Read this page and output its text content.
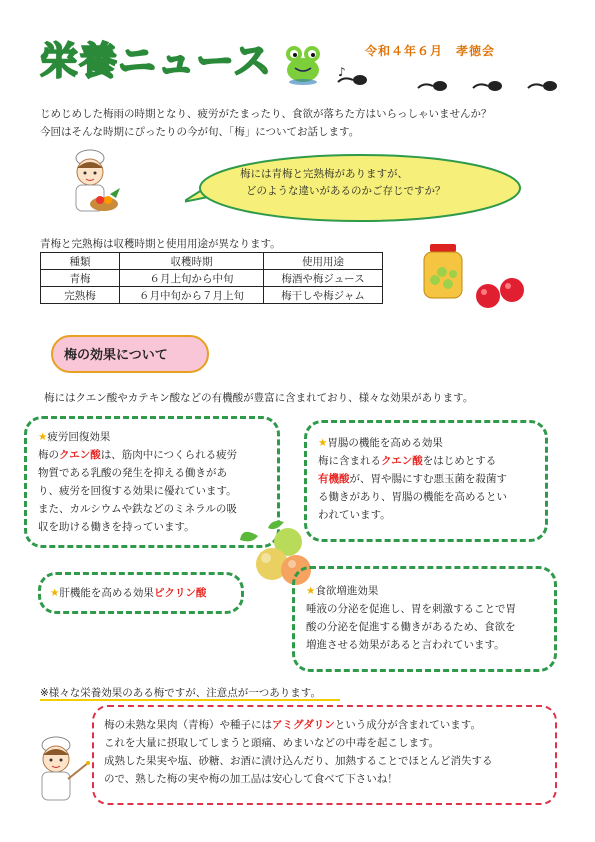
栄養ニュース	♪
令和４年６月　孝徳会
じめじめした梅雨の時期となり、疲労がたまったり、食欲が落ちた方はいらっしゃいませんか？
今回はそんな時期にぴったりの今が旬、「梅」についてお話します。
梅には青梅と完熟梅がありますが、
どのような違いがあるのかご存じですか？
青梅と完熟梅は収穫時期と使用用途が異なります。
種類	収穫時期	使用用途
青梅	６月上旬から中旬	梅酒や梅ジュース
完熟梅	６月中旬から７月上旬	梅干しや梅ジャム
梅の効果について
梅にはクエン酸やカテキン酸などの有機酸が豊富に含まれており、様々な効果があります。
★疲労回復効果
梅のクエン酸は、筋肉中につくられる疲労
物質である乳酸の発生を抑える働きがあ
り、疲労を回復する効果に優れています。
また、カルシウムや鉄などのミネラルの吸
収を助ける働きを持っています。
★胃腸の機能を高める効果
梅に含まれるクエン酸をはじめとする
有機酸が、胃や腸にすむ悪玉菌を殺菌す
る働きがあり、胃腸の機能を高めるとい
われています。
★肝機能を高める効果ピクリン酸	★食欲増進効果
唾液の分泌を促進し、胃を刺激することで胃
酸の分泌を促進する働きがあるため、食欲を
増進させる効果があると言われています。
※様々な栄養効果のある梅ですが、注意点が一つあります。
梅の未熟な果肉（青梅）や種子にはアミグダリンという成分が含まれています。
これを大量に摂取してしまうと頭痛、めまいなどの中毒を起こします。
成熟した果実や塩、砂糖、お酒に漬け込んだり、加熱することでほとんど消失する
ので、熟した梅の実や梅の加工品は安心して食べて下さいね！
